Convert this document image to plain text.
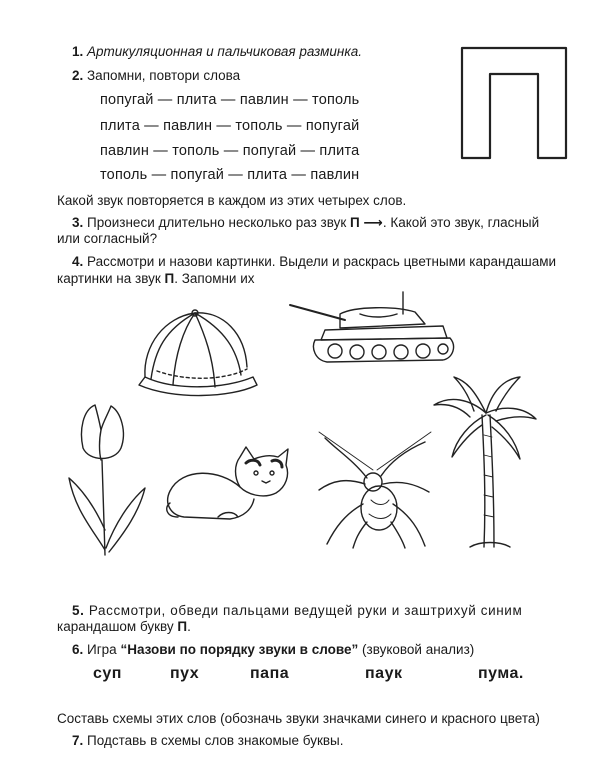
1. Артикуляционная и пальчиковая разминка.
2. Запомни, повтори слова
попугай — плита — павлин — тополь
плита — павлин — тополь — попугай
павлин — тополь — попугай — плита
тополь — попугай — плита — павлин
Какой звук повторяется в каждом из этих четырех слов.
3. Произнеси длительно несколько раз звук П ⟶. Какой это звук, гласный
или согласный?
4. Рассмотри и назови картинки. Выдели и раскрась цветными карандашами
картинки на звук П. Запомни их
5. Рассмотри, обведи пальцами ведущей руки и заштрихуй синим
карандашом букву П.
6. Игра “Назови по порядку звуки в слове” (звуковой анализ)
суп	пух	папа	паук	пума.
Составь схемы этих слов (обозначь звуки значками синего и красного цвета)
7. Подставь в схемы слов знакомые буквы.
